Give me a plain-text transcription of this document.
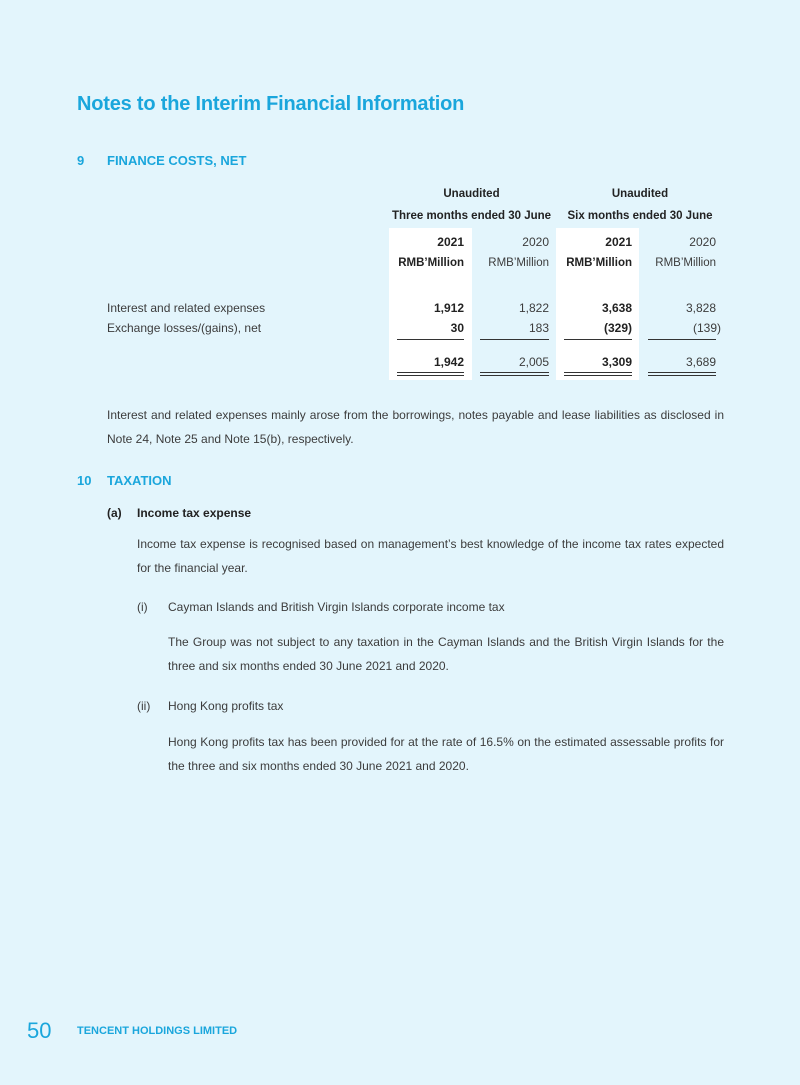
Notes to the Interim Financial Information
9 FINANCE COSTS, NET
Unaudited
Three months ended 30 June
Unaudited
Six months ended 30 June
2021	2020	2021	2020
RMB’Million	RMB’Million	RMB’Million	RMB’Million
Interest and related expenses	1,912	1,822	3,638	3,828
Exchange losses/(gains), net	30	183	(329)	(139)
1,942	2,005	3,309	3,689
Interest and related expenses mainly arose from the borrowings, notes payable and lease liabilities as disclosed in Note 24, Note 25 and Note 15(b), respectively.
10 TAXATION
(a) Income tax expense
Income tax expense is recognised based on management’s best knowledge of the income tax rates expected for the financial year.
(i) Cayman Islands and British Virgin Islands corporate income tax
The Group was not subject to any taxation in the Cayman Islands and the British Virgin Islands for the three and six months ended 30 June 2021 and 2020.
(ii) Hong Kong profits tax
Hong Kong profits tax has been provided for at the rate of 16.5% on the estimated assessable profits for the three and six months ended 30 June 2021 and 2020.
50 TENCENT HOLDINGS LIMITED
